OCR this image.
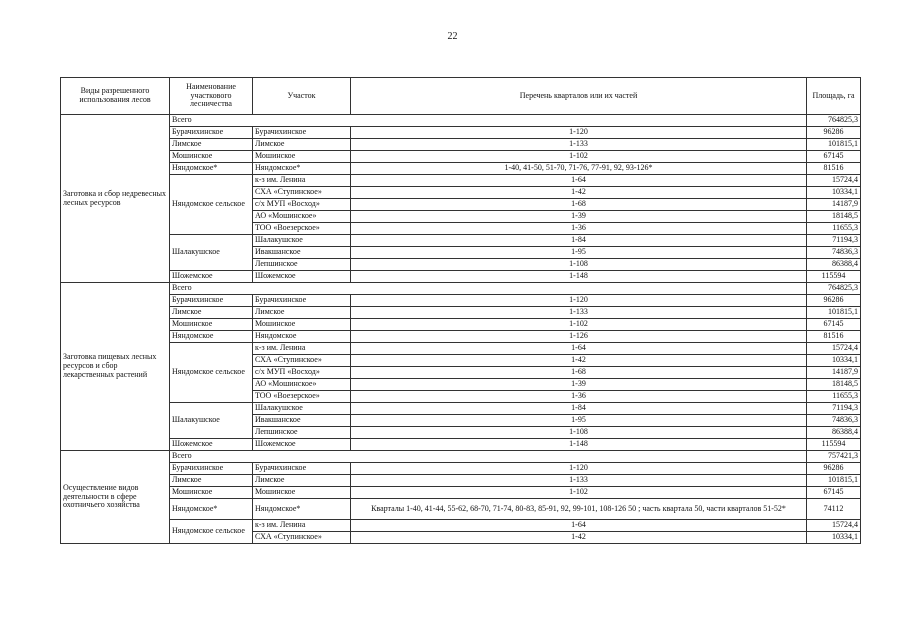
22
Виды разрешенного использования лесов	Наименование участкового лесничества	Участок	Перечень кварталов или их частей	Площадь, га
Заготовка и сбор недревесных лесных ресурсов	Всего			764825,3
	Бурачихинское	Бурачихинское	1-120	96286
	Лимское	Лимское	1-133	101815,1
	Мошинское	Мошинское	1-102	67145
	Няндомское*	Няндомское*	1-40, 41-50, 51-70, 71-76, 77-91, 92, 93-126*	81516
	Няндомское сельское	к-з им. Ленина	1-64	15724,4
		СХА «Ступинское»	1-42	10334,1
		с/х МУП «Восход»	1-68	14187,9
		АО «Мошинское»	1-39	18148,5
		ТОО «Воезерское»	1-36	11655,3
	Шалакушское	Шалакушское	1-84	71194,3
		Ивакшанское	1-95	74836,3
		Лепшинское	1-108	86388,4
	Шожемское	Шожемское	1-148	115594
Заготовка пищевых лесных ресурсов и сбор лекарственных растений	Всего			764825,3
	Бурачихинское	Бурачихинское	1-120	96286
	Лимское	Лимское	1-133	101815,1
	Мошинское	Мошинское	1-102	67145
	Няндомское	Няндомское	1-126	81516
	Няндомское сельское	к-з им. Ленина	1-64	15724,4
		СХА «Ступинское»	1-42	10334,1
		с/х МУП «Восход»	1-68	14187,9
		АО «Мошинское»	1-39	18148,5
		ТОО «Воезерское»	1-36	11655,3
	Шалакушское	Шалакушское	1-84	71194,3
		Ивакшанское	1-95	74836,3
		Лепшинское	1-108	86388,4
	Шожемское	Шожемское	1-148	115594
Осуществление видов деятельности в сфере охотничьего хозяйства	Всего			757421,3
	Бурачихинское	Бурачихинское	1-120	96286
	Лимское	Лимское	1-133	101815,1
	Мошинское	Мошинское	1-102	67145
	Няндомское*	Няндомское*	Кварталы 1-40, 41-44, 55-62, 68-70, 71-74, 80-83, 85-91, 92, 99-101, 108-126 50 ; часть квартала 50, части кварталов 51-52*	74112
	Няндомское сельское	к-з им. Ленина	1-64	15724,4
		СХА «Ступинское»	1-42	10334,1
